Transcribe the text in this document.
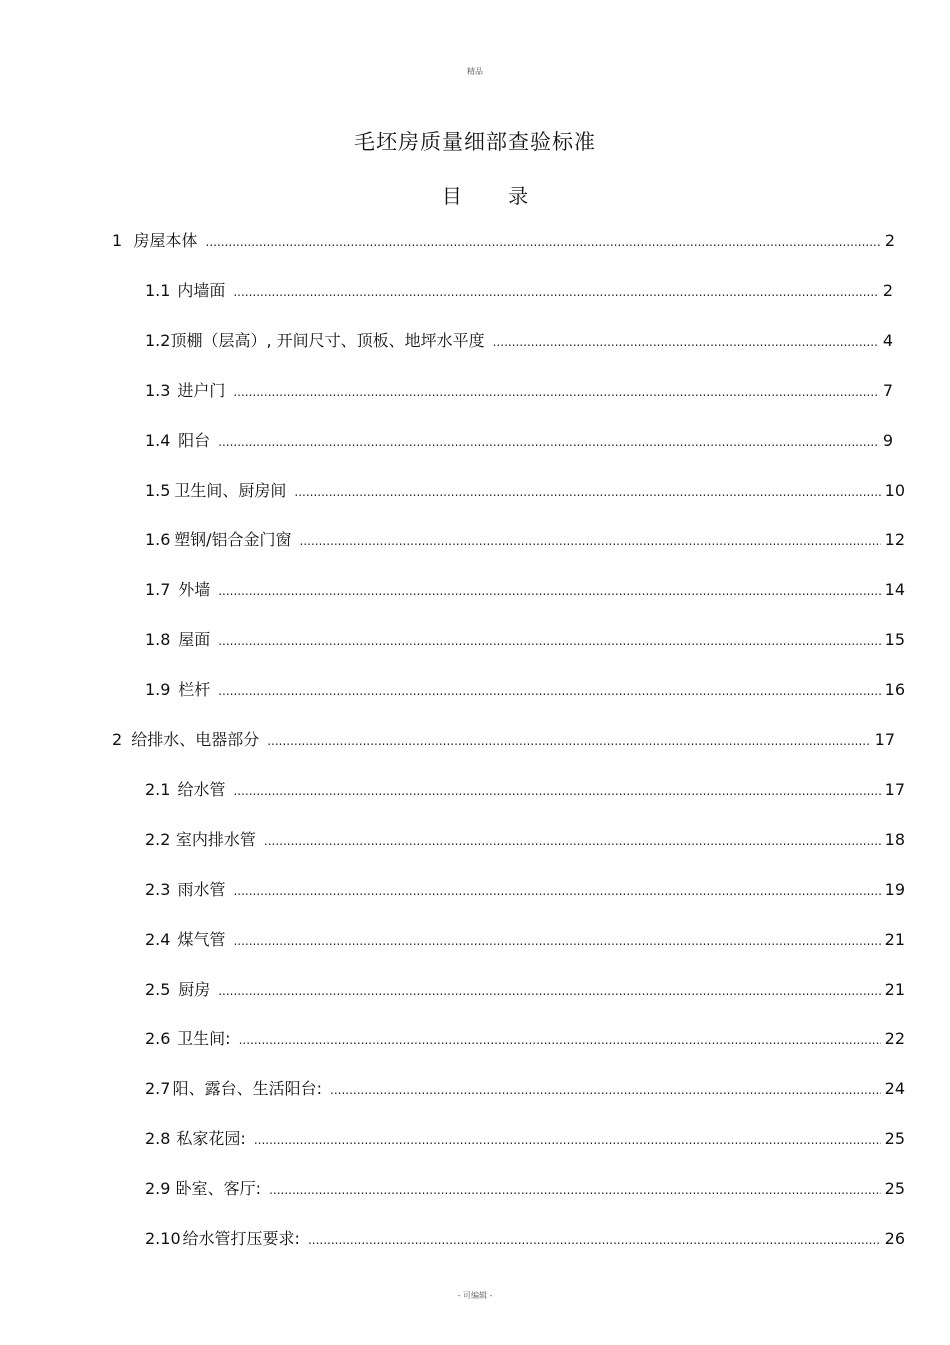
精品
毛坯房质量细部查验标准
目 录
1 房屋本体 .....	2
1.1 内墙面 .....	2
1.2 顶棚（层高）, 开间尺寸、顶板、地坪水平度 .....	4
1.3 进户门 .....	7
1.4 阳台 .....	9
1.5 卫生间、厨房间 .....	10
1.6 塑钢/铝合金门窗 .....	12
1.7 外墙 .....	14
1.8 屋面 .....	15
1.9 栏杆 .....	16
2 给排水、电器部分 .....	17
2.1 给水管 .....	17
2.2 室内排水管 .....	18
2.3 雨水管 .....	19
2.4 煤气管 .....	21
2.5 厨房 .....	21
2.6 卫生间: .....	22
2.7 阳、露台、生活阳台: .....	24
2.8 私家花园: .....	25
2.9 卧室、客厅: .....	25
2.10 给水管打压要求: .....	26
- 可编辑 -
